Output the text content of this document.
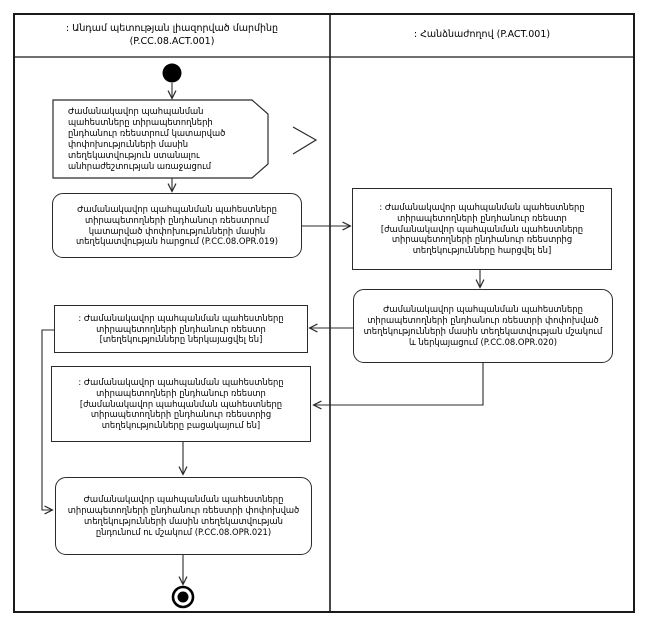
: Անդամ պետության լիազորված մարմինը
(P.CC.08.ACT.001)
: Հանձնաժողով (P.ACT.001)
Ժամանակավոր պահպանման պահեստները տիրապետողների ընդհանուր ռեեստրում կատարված փոփոխությունների մասին տեղեկատվություն ստանալու անհրաժեշտության առաջացում
Ժամանակավոր պահպանման պահեստները տիրապետողների ընդհանուր ռեեստրում կատարված փոփոխությունների մասին տեղեկատվության հարցում (P.CC.08.OPR.019)
: Ժամանակավոր պահպանման պահեստները տիրապետողների ընդհանուր ռեեստր [ժամանակավոր պահպանման պահեստները տիրապետողների ընդհանուր ռեեստրից տեղեկությունները հարցվել են]
Ժամանակավոր պահպանման պահեստները տիրապետողների ընդհանուր ռեեստրի փոփոխված տեղեկությունների մասին տեղեկատվության մշակում և ներկայացում (P.CC.08.OPR.020)
: Ժամանակավոր պահպանման պահեստները տիրապետողների ընդհանուր ռեեստր [տեղեկությունները ներկայացվել են]
: Ժամանակավոր պահպանման պահեստները տիրապետողների ընդհանուր ռեեստր [ժամանակավոր պահպանման պահեստները տիրապետողների ընդհանուր ռեեստրից տեղեկությունները բացակայում են]
Ժամանակավոր պահպանման պահեստները տիրապետողների ընդհանուր ռեեստրի փոփոխված տեղեկությունների մասին տեղեկատվության ընդունում ու մշակում (P.CC.08.OPR.021)
